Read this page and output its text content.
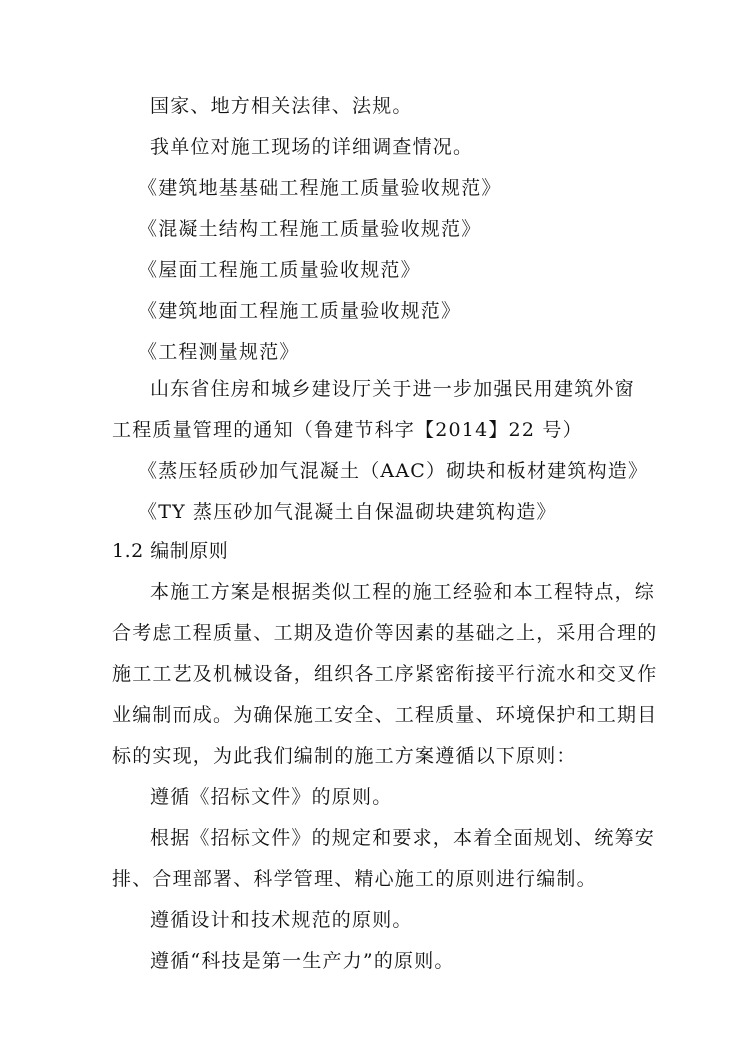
国家、地方相关法律、法规。
我单位对施工现场的详细调查情况。
《建筑地基基础工程施工质量验收规范》
《混凝土结构工程施工质量验收规范》
《屋面工程施工质量验收规范》
《建筑地面工程施工质量验收规范》
《工程测量规范》
山东省住房和城乡建设厅关于进一步加强民用建筑外窗
工程质量管理的通知（鲁建节科字【2014】22 号）
《蒸压轻质砂加气混凝土（AAC）砌块和板材建筑构造》
《TY 蒸压砂加气混凝土自保温砌块建筑构造》
1.2 编制原则
本施工方案是根据类似工程的施工经验和本工程特点，综
合考虑工程质量、工期及造价等因素的基础之上，采用合理的
施工工艺及机械设备，组织各工序紧密衔接平行流水和交叉作
业编制而成。为确保施工安全、工程质量、环境保护和工期目
标的实现，为此我们编制的施工方案遵循以下原则：
遵循《招标文件》的原则。
根据《招标文件》的规定和要求，本着全面规划、统筹安
排、合理部署、科学管理、精心施工的原则进行编制。
遵循设计和技术规范的原则。
遵循“科技是第一生产力”的原则。
